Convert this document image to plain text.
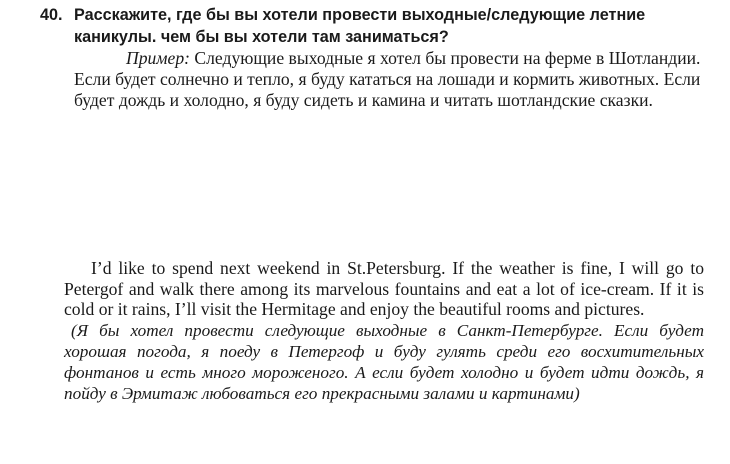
40. Расскажите, где бы вы хотели провести выходные/следующие летние каникулы. чем бы вы хотели там заниматься?

Пример: Следующие выходные я хотел бы провести на ферме в Шотландии. Если будет солнечно и тепло, я буду кататься на лошади и кормить животных. Если будет дождь и холодно, я буду сидеть и камина и читать шотландские сказки.

I’d like to spend next weekend in St.Petersburg. If the weather is fine, I will go to Petergof and walk there among its marvelous fountains and eat a lot of ice-cream. If it is cold or it rains, I’ll visit the Hermitage and enjoy the beautiful rooms and pictures.

(Я бы хотел провести следующие выходные в Санкт-Петербурге. Если будет хорошая погода, я поеду в Петергоф и буду гулять среди его восхитительных фонтанов и есть много мороженого. А если будет холодно и будет идти дождь, я пойду в Эрмитаж любоваться его прекрасными залами и картинами)
